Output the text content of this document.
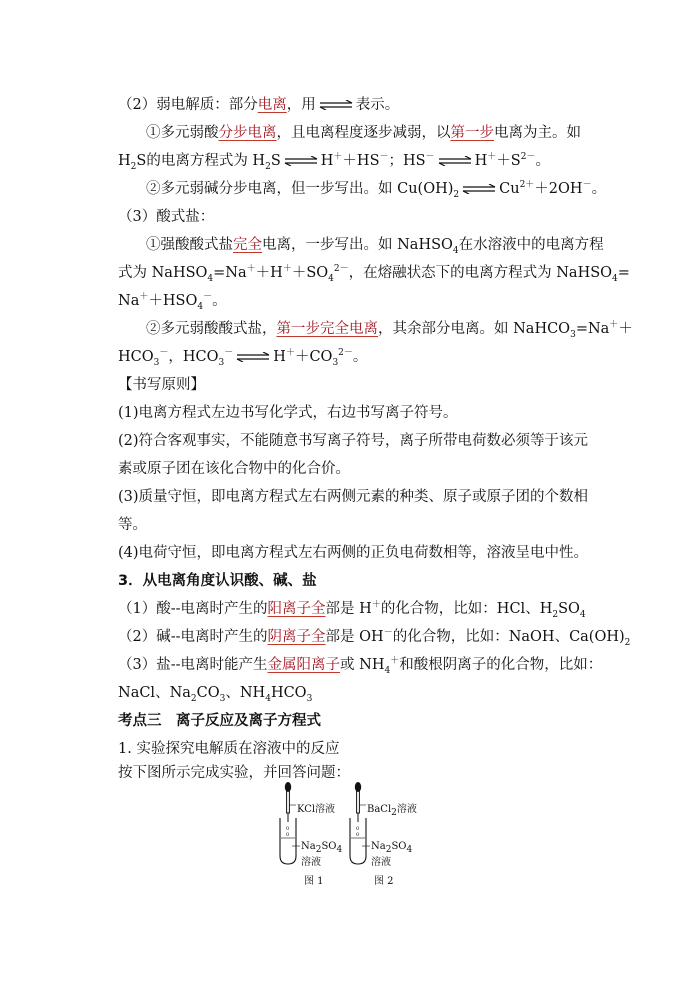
（2）弱电解质：部分电离，用 ⇌ 表示。
①多元弱酸分步电离，且电离程度逐步减弱，以第一步电离为主。如
$H_2S$的电离方程式为 $H_2S$ ⇌ H＋＋HS－；HS－ ⇌ $H^++S^{2-}$。
②多元弱碱分步电离，但一步写出。如 $Cu(OH)_2$ ⇌ $Cu^{2+}+2OH^-$。
（3）酸式盐：
①强酸酸式盐完全电离，一步写出。如 NaHSO$_4$在水溶液中的电离方程
式为 $NaHSO_4=Na^++H^++SO_4^{2-}$，在熔融状态下的电离方程式为 NaHSO$_4$=
$Na^++HSO_4^-$。
②多元弱酸酸式盐，第一步完全电离，其余部分电离。如 NaHCO$_3$=Na＋＋
$HCO_3^-$，$HCO_3^-$ ⇌ $H^++CO_3^{2-}$。
【书写原则】
(1)电离方程式左边书写化学式，右边书写离子符号。
(2)符合客观事实，不能随意书写离子符号，离子所带电荷数必须等于该元
素或原子团在该化合物中的化合价。
(3)质量守恒，即电离方程式左右两侧元素的种类、原子或原子团的个数相
等。
(4)电荷守恒，即电离方程式左右两侧的正负电荷数相等，溶液呈电中性。
3．从电离角度认识酸、碱、盐
（1）酸--电离时产生的阳离子全部是 H＋的化合物，比如：HCl、$H_2SO_4$
（2）碱--电离时产生的阴离子全部是 OH－的化合物，比如：NaOH、$Ca(OH)_2$
（3）盐--电离时能产生金属阳离子或 $NH_4^+$和酸根阴离子的化合物，比如：
NaCl、$Na_2CO_3$、$NH_4HCO_3$
考点三　离子反应及离子方程式
1. 实验探究电解质在溶液中的反应
按下图所示完成实验，并回答问题：
0
0
0
0
KCl溶液
$Na_2SO_4$
溶液
图 1
BaCl$_2$溶液
$Na_2SO_4$
溶液
图 2
